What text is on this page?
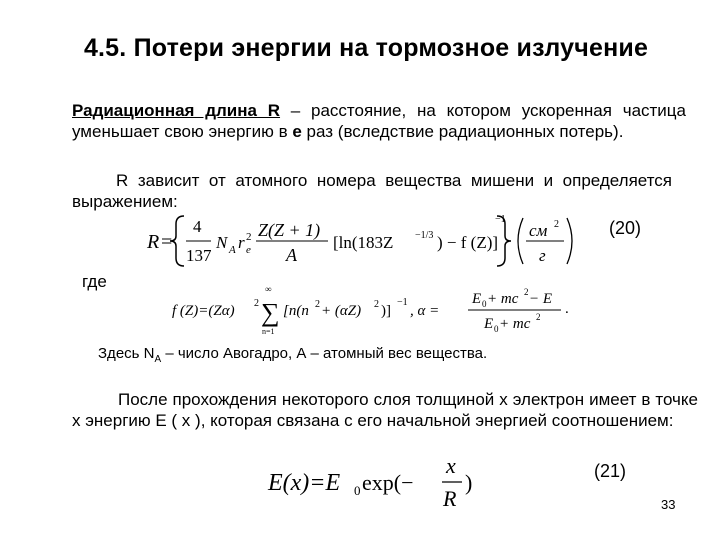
4.5. Потери энергии на тормозное излучение
Радиационная длина R – расстояние, на котором ускоренная частица уменьшает свою энергию в е раз (вследствие радиационных потерь).
R зависит от атомного номера вещества мишени и определяется выражением:
R =
4
137
N A r 2
e
Z(Z + 1)
A
[ln(183Z −1/3 ) − f (Z)]
−1
см 2
г
(20)
где
f (Z)=(Zα) 2
∞
∑
n=1
[n(n 2 + (αZ) 2 )]
−1
, α =
E 0 + mc 2 − E
E 0 + mc 2 .
Здесь $N_A$ – число Авогадро, А – атомный вес вещества.
После прохождения некоторого слоя толщиной х электрон имеет в точке х энергию Е ( х ), которая связана с его начальной энергией соотношением:
E(x)=E 0 exp(−
x
R
)	(21)
33
